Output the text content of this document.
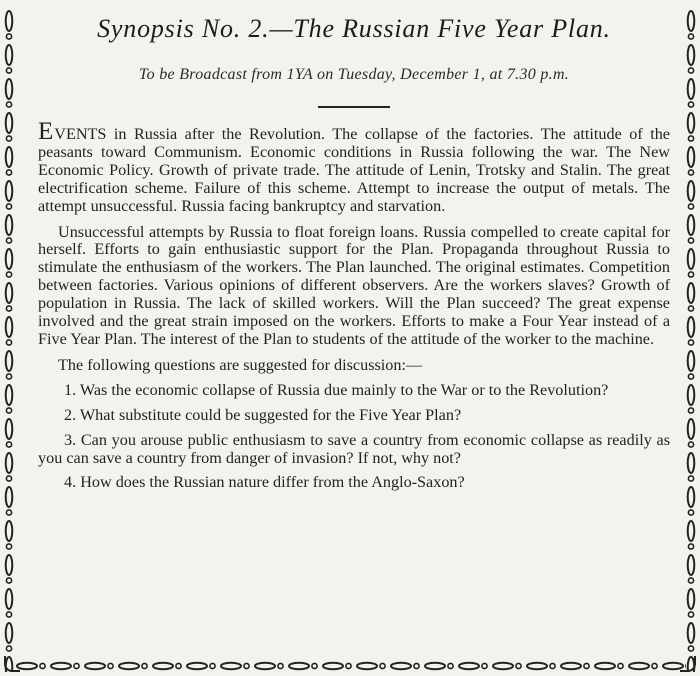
Synopsis No. 2.—The Russian Five Year Plan.

To be Broadcast from 1YA on Tuesday, December 1, at 7.30 p.m.

EVENTS in Russia after the Revolution. The collapse of the factories. The attitude of the peasants toward Communism. Economic conditions in Russia following the war. The New Economic Policy. Growth of private trade. The attitude of Lenin, Trotsky and Stalin. The great electrification scheme. Failure of this scheme. Attempt to increase the output of metals. The attempt unsuccessful. Russia facing bankruptcy and starvation.

Unsuccessful attempts by Russia to float foreign loans. Russia compelled to create capital for herself. Efforts to gain enthusiastic support for the Plan. Propaganda throughout Russia to stimulate the enthusiasm of the workers. The Plan launched. The original estimates. Competition between factories. Various opinions of different observers. Are the workers slaves? Growth of population in Russia. The lack of skilled workers. Will the Plan succeed? The great expense involved and the great strain imposed on the workers. Efforts to make a Four Year instead of a Five Year Plan. The interest of the Plan to students of the attitude of the worker to the machine.

The following questions are suggested for discussion:—

1. Was the economic collapse of Russia due mainly to the War or to the Revolution?

2. What substitute could be suggested for the Five Year Plan?

3. Can you arouse public enthusiasm to save a country from economic collapse as readily as you can save a country from danger of invasion? If not, why not?

4. How does the Russian nature differ from the Anglo-Saxon?
